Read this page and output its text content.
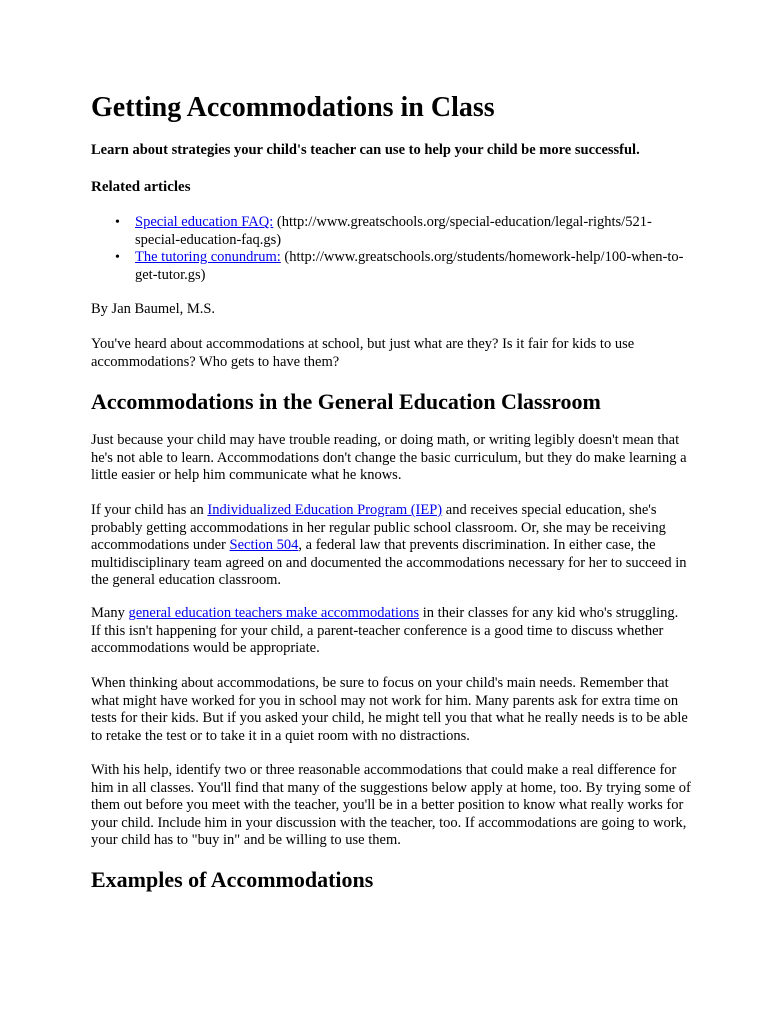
Getting Accommodations in Class

Learn about strategies your child's teacher can use to help your child be more successful.

Related articles
• Special education FAQ: (http://www.greatschools.org/special-education/legal-rights/521-special-education-faq.gs)
• The tutoring conundrum: (http://www.greatschools.org/students/homework-help/100-when-to-get-tutor.gs)

By Jan Baumel, M.S.

You've heard about accommodations at school, but just what are they? Is it fair for kids to use accommodations? Who gets to have them?

Accommodations in the General Education Classroom

Just because your child may have trouble reading, or doing math, or writing legibly doesn't mean that he's not able to learn. Accommodations don't change the basic curriculum, but they do make learning a little easier or help him communicate what he knows.

If your child has an Individualized Education Program (IEP) and receives special education, she's probably getting accommodations in her regular public school classroom. Or, she may be receiving accommodations under Section 504, a federal law that prevents discrimination. In either case, the multidisciplinary team agreed on and documented the accommodations necessary for her to succeed in the general education classroom.

Many general education teachers make accommodations in their classes for any kid who's struggling. If this isn't happening for your child, a parent-teacher conference is a good time to discuss whether accommodations would be appropriate.

When thinking about accommodations, be sure to focus on your child's main needs. Remember that what might have worked for you in school may not work for him. Many parents ask for extra time on tests for their kids. But if you asked your child, he might tell you that what he really needs is to be able to retake the test or to take it in a quiet room with no distractions.

With his help, identify two or three reasonable accommodations that could make a real difference for him in all classes. You'll find that many of the suggestions below apply at home, too. By trying some of them out before you meet with the teacher, you'll be in a better position to know what really works for your child. Include him in your discussion with the teacher, too. If accommodations are going to work, your child has to "buy in" and be willing to use them.

Examples of Accommodations
